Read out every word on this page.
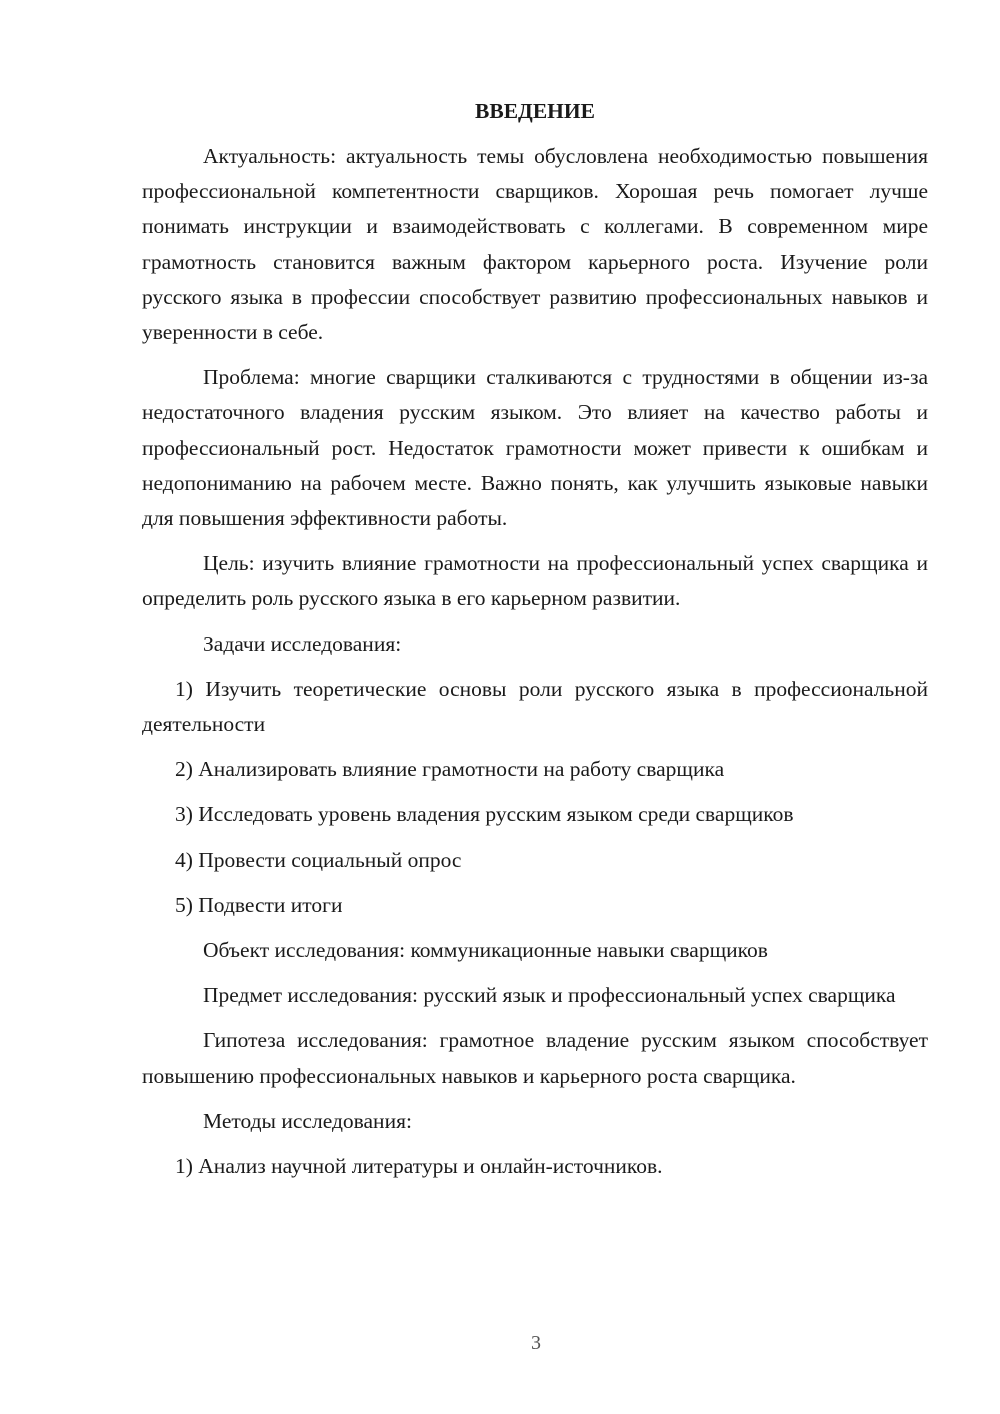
ВВЕДЕНИЕ

Актуальность: актуальность темы обусловлена необходимостью повышения профессиональной компетентности сварщиков. Хорошая речь помогает лучше понимать инструкции и взаимодействовать с коллегами. В современном мире грамотность становится важным фактором карьерного роста. Изучение роли русского языка в профессии способствует развитию профессиональных навыков и уверенности в себе.

Проблема: многие сварщики сталкиваются с трудностями в общении из-за недостаточного владения русским языком. Это влияет на качество работы и профессиональный рост. Недостаток грамотности может привести к ошибкам и недопониманию на рабочем месте. Важно понять, как улучшить языковые навыки для повышения эффективности работы.

Цель: изучить влияние грамотности на профессиональный успех сварщика и определить роль русского языка в его карьерном развитии.

Задачи исследования:

1) Изучить теоретические основы роли русского языка в профессиональной деятельности

2) Анализировать влияние грамотности на работу сварщика

3) Исследовать уровень владения русским языком среди сварщиков

4) Провести социальный опрос

5) Подвести итоги

Объект исследования: коммуникационные навыки сварщиков

Предмет исследования: русский язык и профессиональный успех сварщика

Гипотеза исследования: грамотное владение русским языком способствует повышению профессиональных навыков и карьерного роста сварщика.

Методы исследования:

1) Анализ научной литературы и онлайн-источников.

3
